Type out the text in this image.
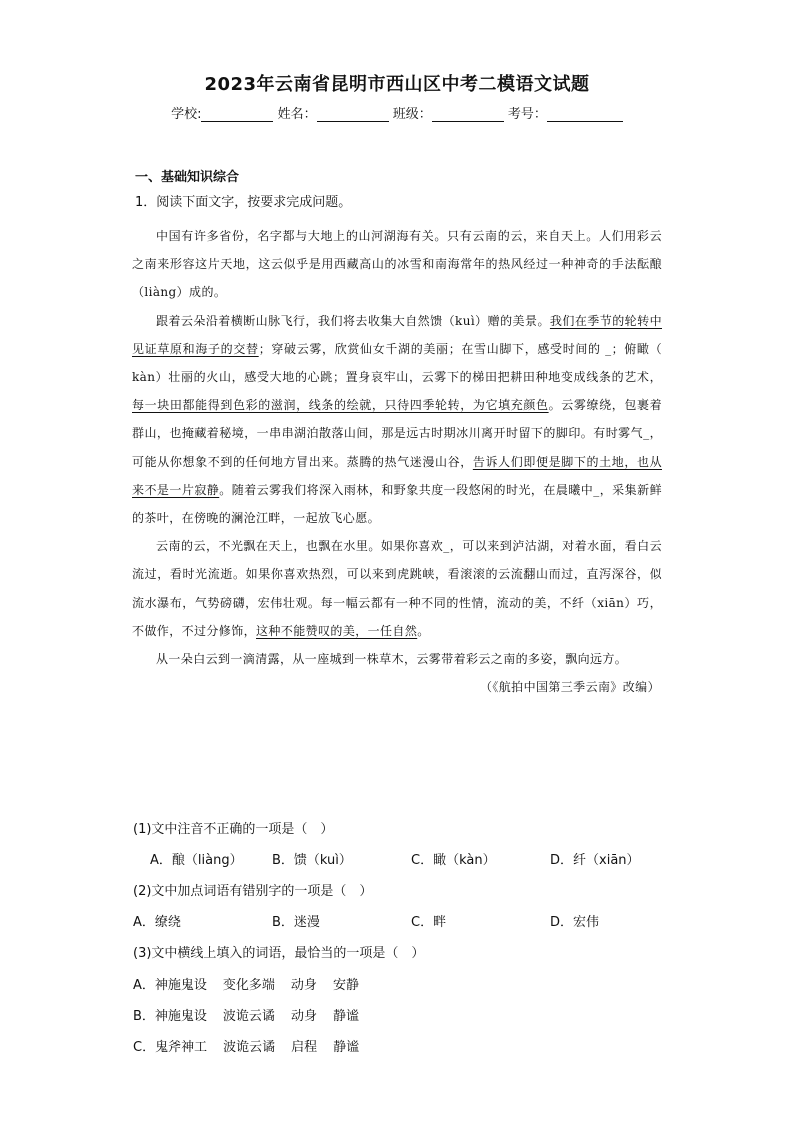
2023年云南省昆明市西山区中考二模语文试题
学校:	姓名：	班级：	考号：
一、基础知识综合
1．阅读下面文字，按要求完成问题。

中国有许多省份，名字都与大地上的山河湖海有关。只有云南的云，来自天上。人们用彩云之南来形容这片天地，这云似乎是用西藏高山的冰雪和南海常年的热风经过一种神奇的手法酝酿（liàng）成的。

跟着云朵沿着横断山脉飞行，我们将去收集大自然馈（kuì）赠的美景。我们在季节的轮转中见证草原和海子的交替；穿破云雾，欣赏仙女千湖的美丽；在雪山脚下，感受时间的 _；俯瞰（ kàn）壮丽的火山，感受大地的心跳；置身哀牢山，云雾下的梯田把耕田种地变成线条的艺术，每一块田都能得到色彩的滋润，线条的绘就，只待四季轮转，为它填充颜色。云雾缭绕，包裹着群山，也掩藏着秘境，一串串湖泊散落山间，那是远古时期冰川离开时留下的脚印。有时雾气_，可能从你想象不到的任何地方冒出来。蒸腾的热气迷漫山谷，告诉人们即便是脚下的土地，也从来不是一片寂静。随着云雾我们将深入雨林，和野象共度一段悠闲的时光，在晨曦中_，采集新鲜的茶叶，在傍晚的澜沧江畔，一起放飞心愿。

云南的云，不光飘在天上，也飘在水里。如果你喜欢_，可以来到泸沽湖，对着水面，看白云流过，看时光流逝。如果你喜欢热烈，可以来到虎跳峡，看滚滚的云流翻山而过，直泻深谷，似流水瀑布，气势磅礴，宏伟壮观。每一幅云都有一种不同的性情，流动的美，不纤（xiān）巧，不做作，不过分修饰，这种不能赞叹的美，一任自然。

从一朵白云到一滴清露，从一座城到一株草木，云雾带着彩云之南的多姿，飘向远方。

（《航拍中国第三季云南》改编）

(1)文中注音不正确的一项是（　）
A．酿（liàng） B．馈（kuì）	C．瞰（kàn）	D．纤（xiān）
(2)文中加点词语有错别字的一项是（　）
A．缭绕	B．迷漫	C．畔	D．宏伟
(3)文中横线上填入的词语，最恰当的一项是（　）
A．神施鬼设 变化多端 动身 安静
B．神施鬼设 波诡云谲 动身 静谧
C．鬼斧神工 波诡云谲 启程 静谧
